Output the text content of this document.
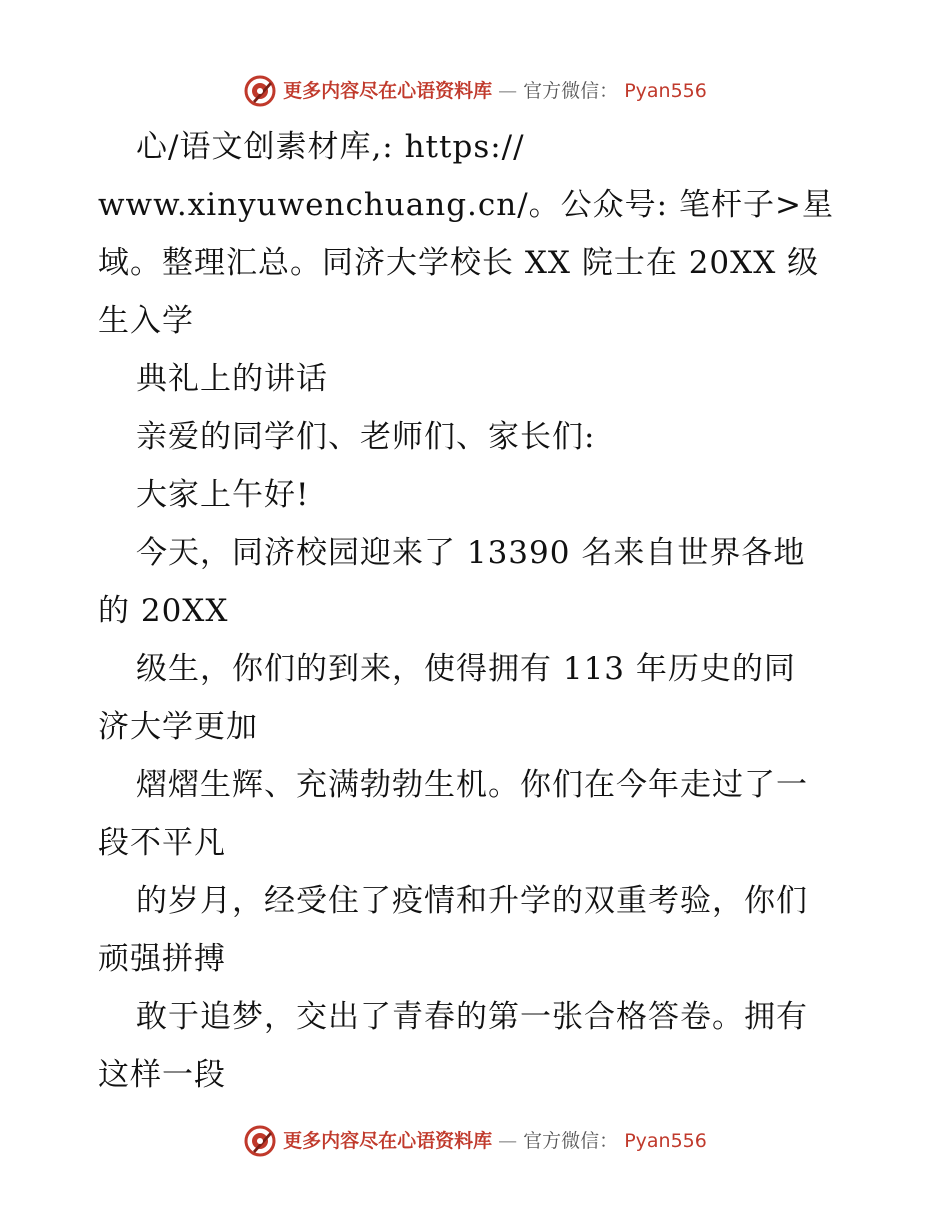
更多内容尽在心语资料库 — 官方微信： Pyan556
心/语文创素材库,: https://
www.xinyuwenchuang.cn/。公众号: 笔杆子>星
域。整理汇总。同济大学校长 XX 院士在 20XX 级
生入学
典礼上的讲话
亲爱的同学们、老师们、家长们:
大家上午好!
今天，同济校园迎来了 13390 名来自世界各地
的 20XX
级生，你们的到来，使得拥有 113 年历史的同
济大学更加
熠熠生辉、充满勃勃生机。你们在今年走过了一
段不平凡
的岁月，经受住了疫情和升学的双重考验，你们
顽强拼搏
敢于追梦，交出了青春的第一张合格答卷。拥有
这样一段
更多内容尽在心语资料库 — 官方微信： Pyan556
